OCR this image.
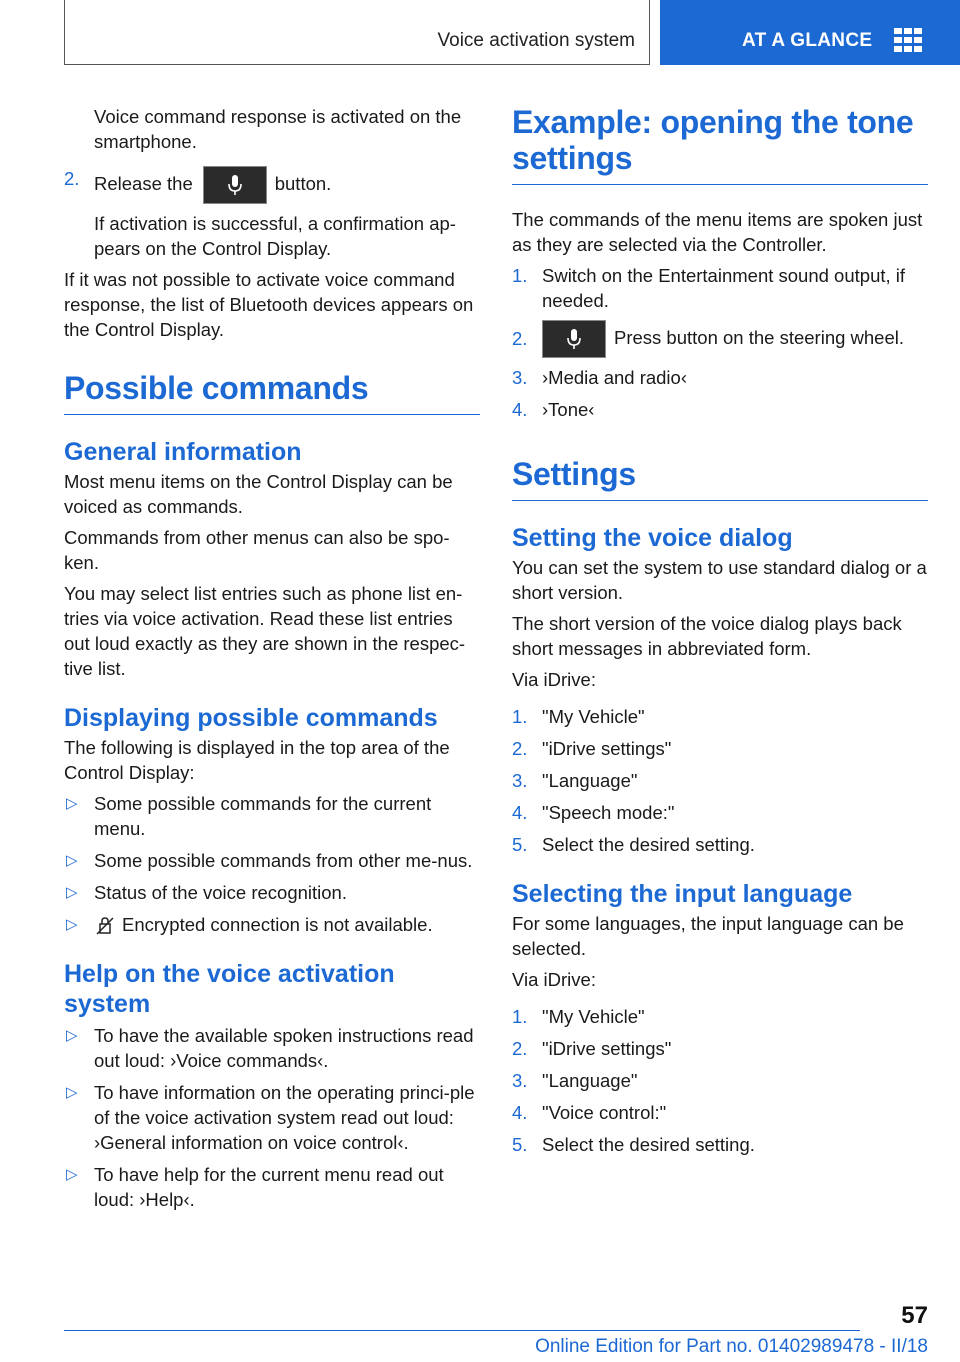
Voice activation system	AT A GLANCE

Voice command response is activated on the smartphone.

2. Release the	button.

If activation is successful, a confirmation ap‐pears on the Control Display.

If it was not possible to activate voice command response, the list of Bluetooth devices appears on the Control Display.

Possible commands
General information

Most menu items on the Control Display can be voiced as commands.

Commands from other menus can also be spo‐ken.

You may select list entries such as phone list en‐tries via voice activation. Read these list entries out loud exactly as they are shown in the respec‐tive list.

Displaying possible commands

The following is displayed in the top area of the Control Display:

▷ Some possible commands for the current menu.
▷ Some possible commands from other me‐nus.
▷ Status of the voice recognition.
▷ Encrypted connection is not available.
Help on the voice activation system
▷ To have the available spoken instructions read out loud: ›Voice commands‹.
▷ To have information on the operating princi‐ple of the voice activation system read out loud: ›General information on voice control‹.
▷ To have help for the current menu read out loud: ›Help‹.
Example: opening the tone settings

The commands of the menu items are spoken just as they are selected via the Controller.

1. Switch on the Entertainment sound output, if needed.
2.	Press button on the steering wheel.
3. ›Media and radio‹
4. ›Tone‹
Settings
Setting the voice dialog

You can set the system to use standard dialog or a short version.

The short version of the voice dialog plays back short messages in abbreviated form.

Via iDrive:

1. "My Vehicle"
2. "iDrive settings"
3. "Language"
4. "Speech mode:"
5. Select the desired setting.
Selecting the input language

For some languages, the input language can be selected.

Via iDrive:

1. "My Vehicle"
2. "iDrive settings"
3. "Language"
4. "Voice control:"
5. Select the desired setting.
57
Online Edition for Part no. 01402989478 - II/18
